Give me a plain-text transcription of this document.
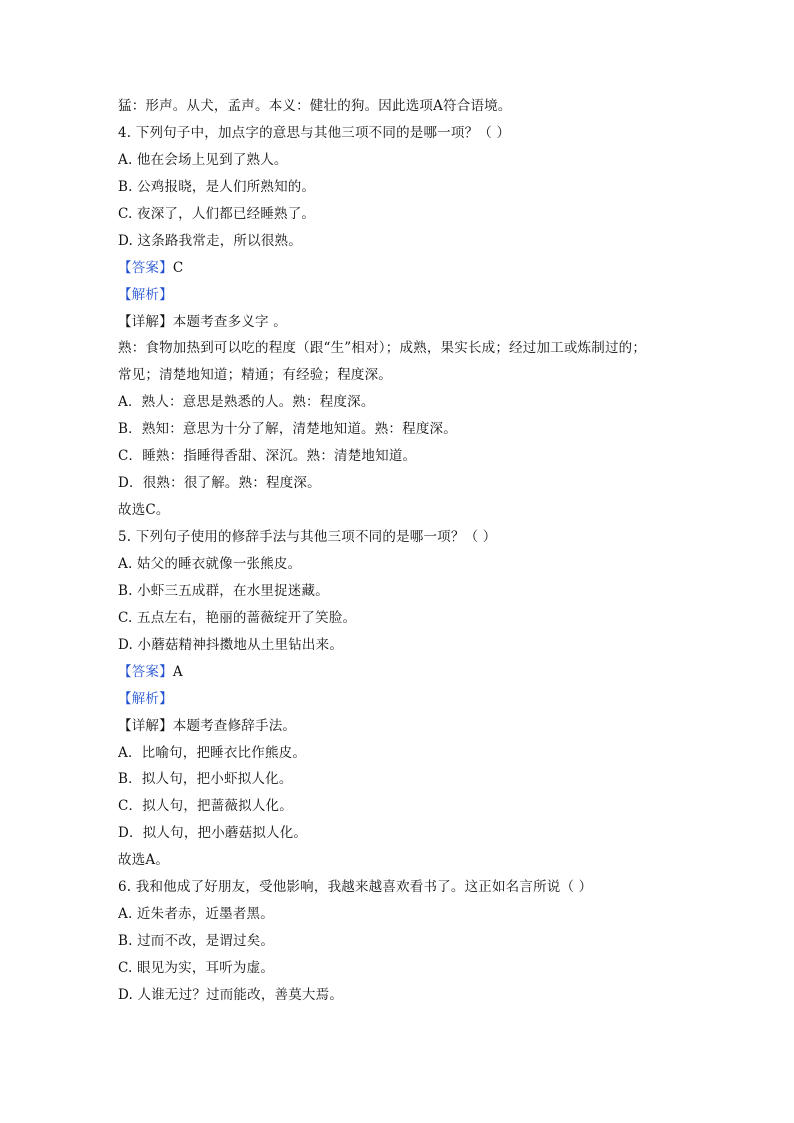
猛：形声。从犬，孟声。本义：健壮的狗。因此选项A符合语境。
4. 下列句子中，加点字的意思与其他三项不同的是哪一项？（ ）
A. 他在会场上见到了熟人。
B. 公鸡报晓，是人们所熟知的。
C. 夜深了，人们都已经睡熟了。
D. 这条路我常走，所以很熟。
【答案】C
【解析】
【详解】本题考查多义字 。
熟：食物加热到可以吃的程度（跟“生”相对）；成熟，果实长成；经过加工或炼制过的；
常见；清楚地知道；精通；有经验；程度深。
A．熟人：意思是熟悉的人。熟：程度深。
B．熟知：意思为十分了解，清楚地知道。熟：程度深。
C．睡熟：指睡得香甜、深沉。熟：清楚地知道。
D．很熟：很了解。熟：程度深。
故选C。
5. 下列句子使用的修辞手法与其他三项不同的是哪一项？（ ）
A. 姑父的睡衣就像一张熊皮。
B. 小虾三五成群，在水里捉迷藏。
C. 五点左右，艳丽的蔷薇绽开了笑脸。
D. 小蘑菇精神抖擞地从土里钻出来。
【答案】A
【解析】
【详解】本题考查修辞手法。
A．比喻句，把睡衣比作熊皮。
B．拟人句，把小虾拟人化。
C．拟人句，把蔷薇拟人化。
D．拟人句，把小蘑菇拟人化。
故选A。
6. 我和他成了好朋友，受他影响，我越来越喜欢看书了。这正如名言所说（ ）
A. 近朱者赤，近墨者黑。
B. 过而不改，是谓过矣。
C. 眼见为实，耳听为虚。
D. 人谁无过？过而能改，善莫大焉。
